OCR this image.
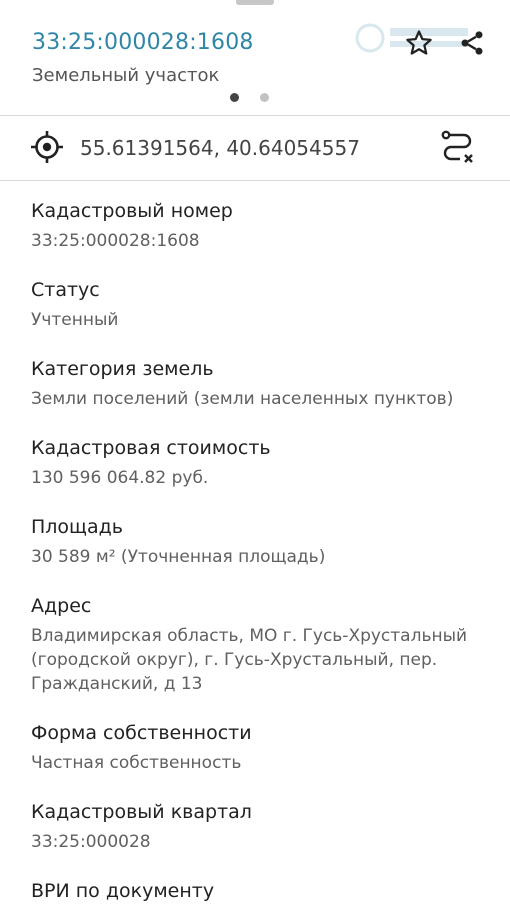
33:25:000028:1608
Земельный участок
55.61391564, 40.64054557
Кадастровый номер
33:25:000028:1608
Статус
Учтенный
Категория земель
Земли поселений (земли населенных пунктов)
Кадастровая стоимость
130 596 064.82 руб.
Площадь
30 589 м² (Уточненная площадь)
Адрес
Владимирская область, МО г. Гусь-Хрустальный (городской округ), г. Гусь-Хрустальный, пер. Гражданский, д 13
Форма собственности
Частная собственность
Кадастровый квартал
33:25:000028
ВРИ по документу
